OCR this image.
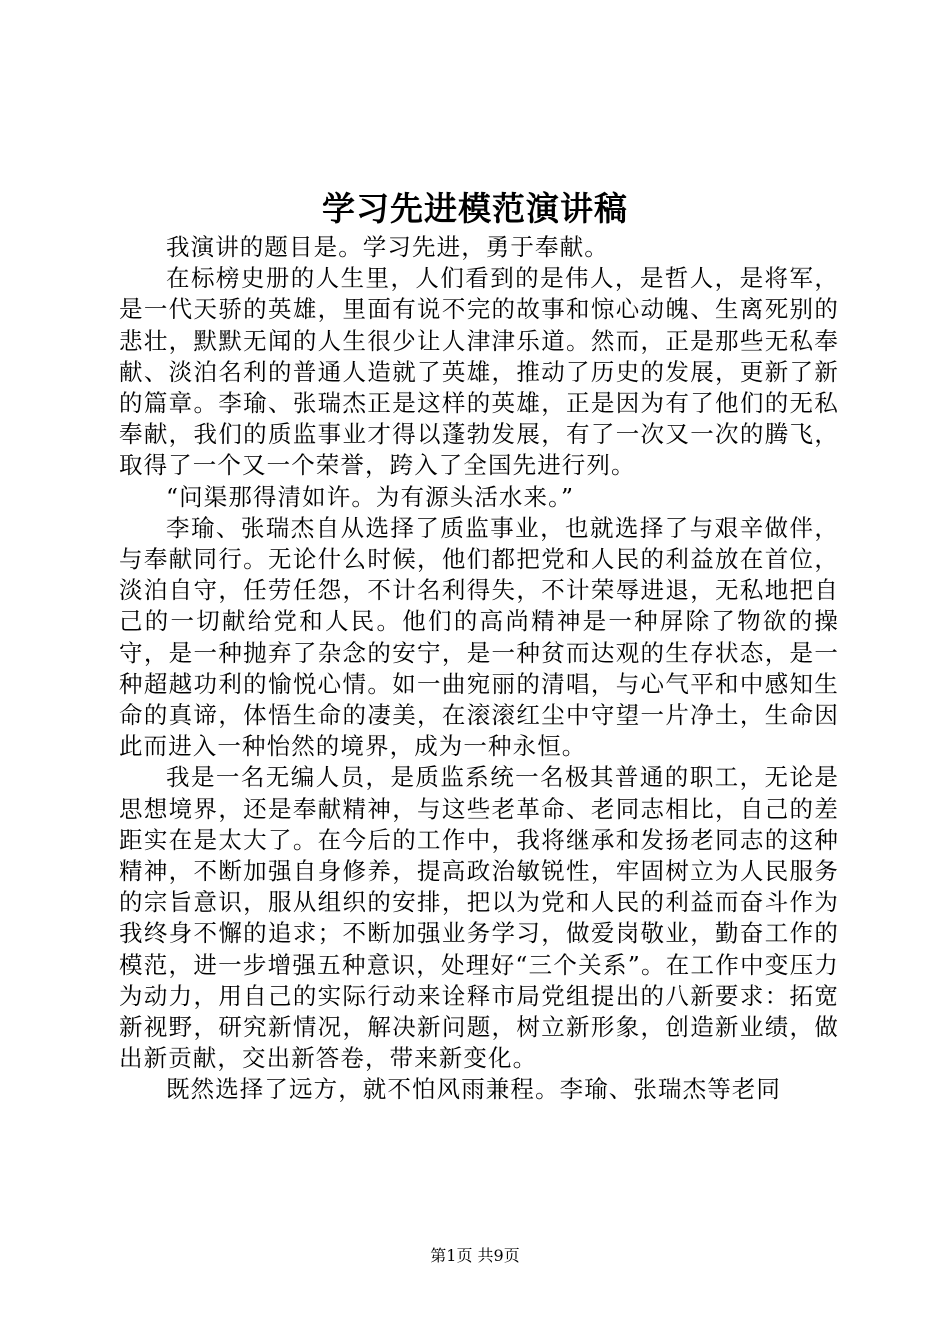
学习先进模范演讲稿

我演讲的题目是。学习先进，勇于奉献。

在标榜史册的人生里，人们看到的是伟人，是哲人，是将军，是一代天骄的英雄，里面有说不完的故事和惊心动魄、生离死别的悲壮，默默无闻的人生很少让人津津乐道。然而，正是那些无私奉献、淡泊名利的普通人造就了英雄，推动了历史的发展，更新了新的篇章。李瑜、张瑞杰正是这样的英雄，正是因为有了他们的无私奉献，我们的质监事业才得以蓬勃发展，有了一次又一次的腾飞，取得了一个又一个荣誉，跨入了全国先进行列。

“问渠那得清如许。为有源头活水来。”

李瑜、张瑞杰自从选择了质监事业，也就选择了与艰辛做伴，与奉献同行。无论什么时候，他们都把党和人民的利益放在首位，淡泊自守，任劳任怨，不计名利得失，不计荣辱进退，无私地把自己的一切献给党和人民。他们的高尚精神是一种屏除了物欲的操守，是一种抛弃了杂念的安宁，是一种贫而达观的生存状态，是一种超越功利的愉悦心情。如一曲宛丽的清唱，与心气平和中感知生命的真谛，体悟生命的凄美，在滚滚红尘中守望一片净土，生命因此而进入一种怡然的境界，成为一种永恒。

我是一名无编人员，是质监系统一名极其普通的职工，无论是思想境界，还是奉献精神，与这些老革命、老同志相比，自己的差距实在是太大了。在今后的工作中，我将继承和发扬老同志的这种精神，不断加强自身修养，提高政治敏锐性，牢固树立为人民服务的宗旨意识，服从组织的安排，把以为党和人民的利益而奋斗作为我终身不懈的追求；不断加强业务学习，做爱岗敬业，勤奋工作的模范，进一步增强五种意识，处理好“三个关系”。在工作中变压力为动力，用自己的实际行动来诠释市局党组提出的八新要求：拓宽新视野，研究新情况，解决新问题，树立新形象，创造新业绩，做出新贡献，交出新答卷，带来新变化。

既然选择了远方，就不怕风雨兼程。李瑜、张瑞杰等老同

第1页 共9页
